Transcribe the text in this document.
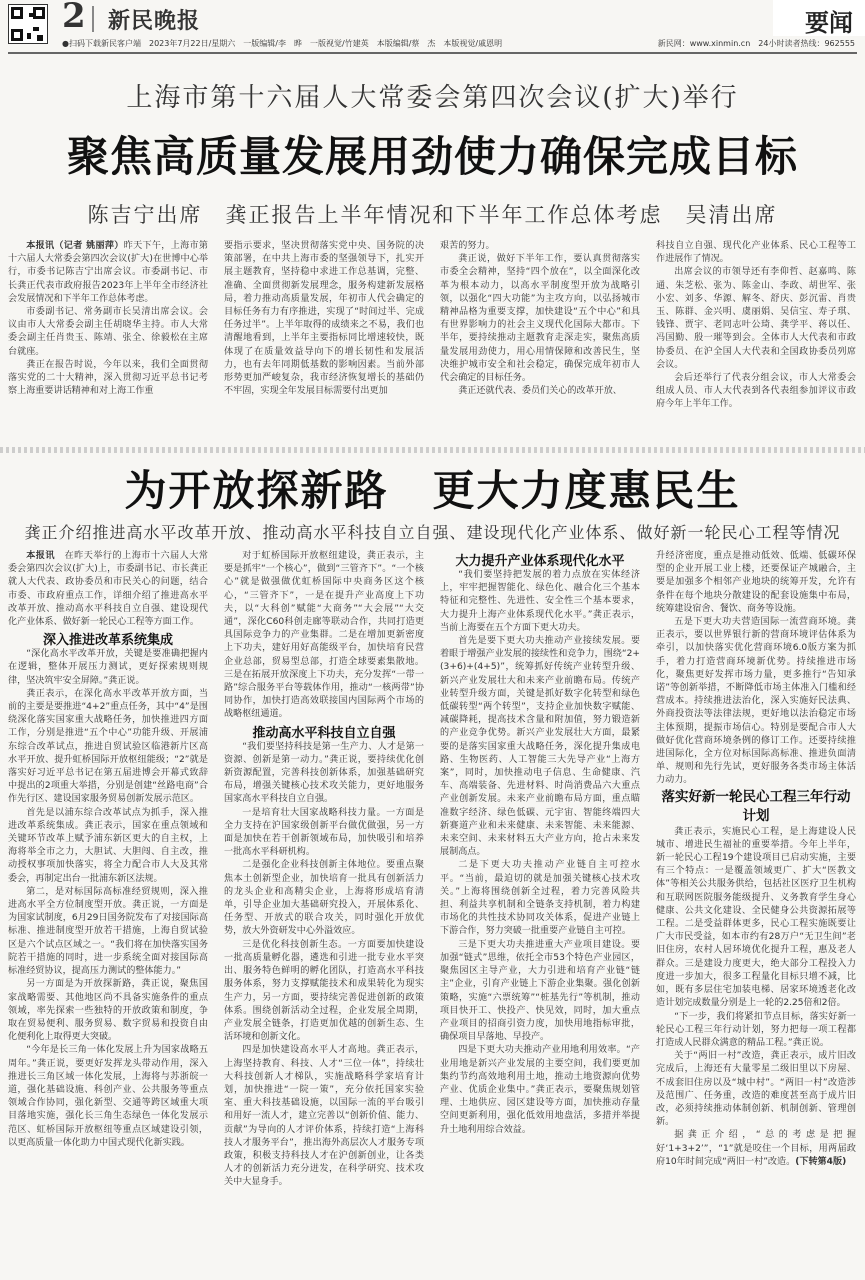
2 新民晚报	要闻
●扫码下载新民客户端　2023年7月22日/星期六　一版编辑/李　晔　一版视觉/竹建英　本版编辑/蔡　杰　本版视觉/戚恩明	新民网：www.xinmin.cn　24小时读者热线：962555
上海市第十六届人大常委会第四次会议(扩大)举行
聚焦高质量发展用劲使力确保完成目标
陈吉宁出席　龚正报告上半年情况和下半年工作总体考虑　吴清出席

本报讯（记者 姚丽萍）昨天下午，上海市第十六届人大常委会第四次会议(扩大)在世博中心举行，市委书记陈吉宁出席会议。市委副书记、市长龚正代表市政府报告2023年上半年全市经济社会发展情况和下半年工作总体考虑。

市委副书记、常务副市长吴清出席会议。会议由市人大常委会副主任胡晓华主持。市人大常委会副主任肖贵玉、陈靖、张全、徐毅松在主席台就座。

龚正在报告时说，今年以来，我们全面贯彻落实党的二十大精神，深入贯彻习近平总书记考察上海重要讲话精神和对上海工作重

要指示要求，坚决贯彻落实党中央、国务院的决策部署，在中共上海市委的坚强领导下，扎实开展主题教育，坚持稳中求进工作总基调，完整、准确、全面贯彻新发展理念，服务构建新发展格局，着力推动高质量发展，年初市人代会确定的目标任务有力有序推进，实现了“时间过半、完成任务过半”。上半年取得的成绩来之不易，我们也清醒地看到，上半年主要指标同比增速较快，既体现了在质量效益导向下的增长韧性和发展活力，也有去年同期低基数的影响因素。当前外部形势更加严峻复杂，我市经济恢复增长的基础仍不牢固，实现全年发展目标需要付出更加

艰苦的努力。

龚正说，做好下半年工作，要认真贯彻落实市委全会精神，坚持“四个放在”，以全面深化改革为根本动力，以高水平制度型开放为战略引领，以强化“四大功能”为主攻方向，以弘扬城市精神品格为重要支撑，加快建设“五个中心”和具有世界影响力的社会主义现代化国际大都市。下半年，要持续推动主题教育走深走实，聚焦高质量发展用劲使力，用心用情保障和改善民生，坚决维护城市安全和社会稳定，确保完成年初市人代会确定的目标任务。

龚正还就代表、委员们关心的改革开放、

科技自立自强、现代化产业体系、民心工程等工作进展作了情况。

出席会议的市领导还有李仰哲、赵嘉鸣、陈通、朱芝松、张为、陈金山、李政、胡世军、张小宏、刘多、华源、解冬、舒庆、彭沉雷、肖贵玉、陈群、金兴明、虞丽娟、吴信宝、寿子琪、钱锋、贾宇、老同志叶公琦、龚学平、蒋以任、冯国勤、殷一璀等到会。全体市人大代表和市政协委员、在沪全国人大代表和全国政协委员列席会议。

会后还举行了代表分组会议，市人大常委会组成人员、市人大代表到各代表组参加评议市政府今年上半年工作。

为开放探新路　更大力度惠民生
龚正介绍推进高水平改革开放、推动高水平科技自立自强、建设现代化产业体系、做好新一轮民心工程等情况

本报讯　 在昨天举行的上海市十六届人大常委会第四次会议(扩大)上，市委副书记、市长龚正就人大代表、政协委员和市民关心的问题，结合市委、市政府重点工作，详细介绍了推进高水平改革开放、推动高水平科技自立自强、建设现代化产业体系、做好新一轮民心工程等方面工作。

深入推进改革系统集成

“深化高水平改革开放，关键是要准确把握内在逻辑，整体开展压力测试，更好探索规则规律，坚决筑牢安全屏障。”龚正说。

龚正表示，在深化高水平改革开放方面，当前的主要是要推进“4+2”重点任务，其中“4”是围绕深化落实国家重大战略任务，加快推进四方面工作，分别是推进“五个中心”功能升级、开展浦东综合改革试点，推进自贸试验区临港新片区高水平开放、提升虹桥国际开放枢纽能级；“2”就是落实好习近平总书记在第五届进博会开幕式致辞中提出的2项重大举措，分别是创建“丝路电商”合作先行区、建设国家服务贸易创新发展示范区。

首先是以浦东综合改革试点为抓手，深入推进改革系统集成。龚正表示，国家在重点领域和关键环节改革上赋予浦东新区更大的自主权，上海将举全市之力，大胆试、大胆闯、自主改，推动授权事项加快落实，将全力配合市人大及其常委会，再制定出台一批浦东新区法规。

第二，是对标国际高标准经贸规则，深入推进高水平全方位制度型开放。龚正说，一方面是为国家试制度，6月29日国务院发布了对接国际高标准、推进制度型开放若干措施，上海自贸试验区是六个试点区域之一。“我们将在加快落实国务院若干措施的同时，进一步系统全面对接国际高标准经贸协议，提高压力测试的整体能力。”

另一方面是为开放探新路，龚正说，聚焦国家战略需要、其他地区尚不具备实施条件的重点领域，率先探索一些独特的开放政策和制度，争取在贸易便利、服务贸易、数字贸易和投资自由化便利化上取得更大突破。

“今年是长三角一体化发展上升为国家战略五周年。”龚正说，要更好发挥龙头带动作用，深入推进长三角区域一体化发展，上海将与苏浙皖一道，强化基础设施、科创产业、公共服务等重点领域合作协同，强化新型、交通等跨区域重大项目落地实施，强化长三角生态绿色一体化发展示范区、虹桥国际开放枢纽等重点区域建设引领，以更高质量一体化助力中国式现代化新实践。

对于虹桥国际开放枢纽建设，龚正表示，主要是抓牢“一个核心”，做到“三管齐下”。“一个核心”就是做强做优虹桥国际中央商务区这个核心，“三管齐下”，一是在提升产业高度上下功夫，以“大科创”赋能“大商务”“大会展”“大交通”，深化C60科创走廊等联动合作，共同打造更具国际竞争力的产业集群。二是在增加更新密度上下功夫，建好用好高能级平台，加快培育民营企业总部，贸易型总部，打造全球要素集散地。三是在拓展开放深度上下功夫，充分发挥“一带一路”综合服务平台等载体作用，推动“一核两带”协同协作，加快打造高效联接国内国际两个市场的战略枢纽通道。

推动高水平科技自立自强

“我们要坚持科技是第一生产力、人才是第一资源、创新是第一动力。”龚正说，要持续优化创新资源配置，完善科技创新体系，加强基础研究布局，增强关键核心技术攻关能力，更好地服务国家高水平科技自立自强。

一是培育壮大国家战略科技力量。一方面是全力支持在沪国家级创新平台做优做强，另一方面是加快在若干创新领域布局，加快吸引和培养一批高水平科研机构。

二是强化企业科技创新主体地位。要重点聚焦本土创新型企业，加快培育一批具有创新活力的龙头企业和高精尖企业，上海将形成培育清单，引导企业加大基础研究投入，开展体系化、任务型、开放式的联合攻关，同时强化开放优势，放大外资研发中心外溢效应。

三是优化科技创新生态。一方面要加快建设一批高质量孵化器，遴选和引进一批专业水平突出、服务特色鲜明的孵化团队，打造高水平科技服务体系，努力支撑赋能技术和成果转化为现实生产力，另一方面，要持续完善促进创新的政策体系。围绕创新活动全过程，企业发展全周期，产业发展全链条，打造更加优越的创新生态、生活环境和创新文化。

四是加快建设高水平人才高地。龚正表示，上海坚持教育、科技、人才“三位一体”，持续壮大科技创新人才梯队，实施战略科学家培育计划，加快推进“一院一策”，充分依托国家实验室、重大科技基础设施，以国际一流的平台吸引和用好一流人才，建立完善以“创新价值、能力、贡献”为导向的人才评价体系，持续打造“上海科技人才服务平台”，推出海外高层次人才服务专项政策，积极支持科技人才在沪创新创业，让各类人才的创新活力充分迸发，在科学研究、技术攻关中大显身手。

大力提升产业体系现代化水平

“我们要坚持把发展的着力点放在实体经济上，牢牢把握智能化、绿色化、融合化三个基本特征和完整性、先进性、安全性三个基本要求，大力提升上海产业体系现代化水平。”龚正表示，当前上海要在五个方面下更大功夫。

首先是要下更大功夫推动产业接续发展。要着眼于增强产业发展的接续性和竞争力，围绕“2+(3+6)+(4+5)”，统筹抓好传统产业转型升级、新兴产业发展壮大和未来产业前瞻布局。传统产业转型升级方面，关键是抓好数字化转型和绿色低碳转型“两个转型”，支持企业加快数字赋能、减碳降耗，提高技术含量和附加值，努力锻造新的产业竞争优势。新兴产业发展壮大方面，最紧要的是落实国家重大战略任务，深化提升集成电路、生物医药、人工智能三大先导产业“上海方案”，同时，加快推动电子信息、生命健康、汽车、高端装备、先进材料、时尚消费品六大重点产业创新发展。未来产业前瞻布局方面，重点瞄准数字经济、绿色低碳、元宇宙、智能终端四大新赛道产业和未来健康、未来智能、未来能源、未来空间、未来材料五大产业方向，抢占未来发展制高点。

二是下更大功夫推动产业链自主可控水平。“当前，最迫切的就是加强关键核心技术攻关。”上海将围绕创新全过程，着力完善风险共担、利益共享机制和全链条支持机制，着力构建市场化的共性技术协同攻关体系，促进产业链上下游合作，努力突破一批重要产业链自主可控。

三是下更大功夫推进重大产业项目建设。要加强“链式”思维，依托全市53个特色产业园区，聚焦园区主导产业，大力引进和培育产业链“链主”企业，引育产业链上下游企业集聚。强化创新策略，实施“六票统筹”“桩基先行”等机制，推动项目快开工、快投产、快见效，同时，加大重点产业项目的招商引资力度，加快用地指标审批，确保项目早落地、早投产。

四是下更大功夫推动产业用地利用效率。“产业用地是新兴产业发展的主要空间，我们要更加集约节约高效地利用土地，推动土地资源向优势产业、优质企业集中。”龚正表示，要聚焦规划管理、土地供应、园区建设等方面，加快推动存量空间更新利用，强化低效用地盘活，多措并举提升土地利用综合效益。

升经济密度，重点是推动低效、低端、低碳环保型的企业开展工业上楼，还要保证产城融合，主要是加强多个相邻产业地块的统筹开发，允许有条件在每个地块分散建设的配套设施集中布局，统筹建设宿舍、餐饮、商务等设施。

五是下更大功夫营造国际一流营商环境。龚正表示，要以世界银行新的营商环境评估体系为牵引，以加快落实优化营商环境6.0版方案为抓手，着力打造营商环境新优势。持续推进市场化，聚焦更好发挥市场力量，更多推行“告知承诺”等创新举措，不断降低市场主体准入门槛和经营成本。持续推进法治化，深入实施好民法典、外商投资法等法律法规，更好地以法治稳定市场主体预期，提振市场信心。特别是要配合市人大做好优化营商环境条例的修订工作。还要持续推进国际化，全方位对标国际高标准、推进负面清单、规则和先行先试，更好服务各类市场主体活力动力。

落实好新一轮民心工程三年行动计划

龚正表示，实施民心工程，是上海建设人民城市、增进民生福祉的重要举措。今年上半年，新一轮民心工程19个建设项目已启动实施，主要有三个特点：一是覆盖领域更广、扩大“医教文体”等相关公共服务供给，包括社区医疗卫生机构和互联网医院服务能级提升、义务教育学生身心健康、公共文化建设、全民健身公共资源拓展等工程。二是受益群体更多，民心工程实施既要让广大市民受益，如本市约有28万户“无卫生间”老旧住房，农村人居环境优化提升工程，惠及老人群众。三是建设力度更大，绝大部分工程投入力度进一步加大，很多工程量化目标只增不减，比如，既有多层住宅加装电梯、居家环境透老化改造计划完成数量分别是上一轮的2.25倍和2倍。

“下一步，我们将紧扣节点目标，落实好新一轮民心工程三年行动计划，努力把每一项工程都打造成人民群众满意的精品工程。”龚正说。

关于“两旧一村”改造，龚正表示，成片旧改完成后，上海还有大量零星二级旧里以下房屋、不成套旧住房以及“城中村”。“两旧一村”改造涉及范围广、任务重，改造的难度甚至高于成片旧改，必须持续推动体制创新、机制创新、管理创新。

据龚正介绍，“总的考虑是把握好‘1+3+2’”，“1”就是咬住一个目标，用两届政府10年时间完成“两旧一村”改造。(下转第4版)
